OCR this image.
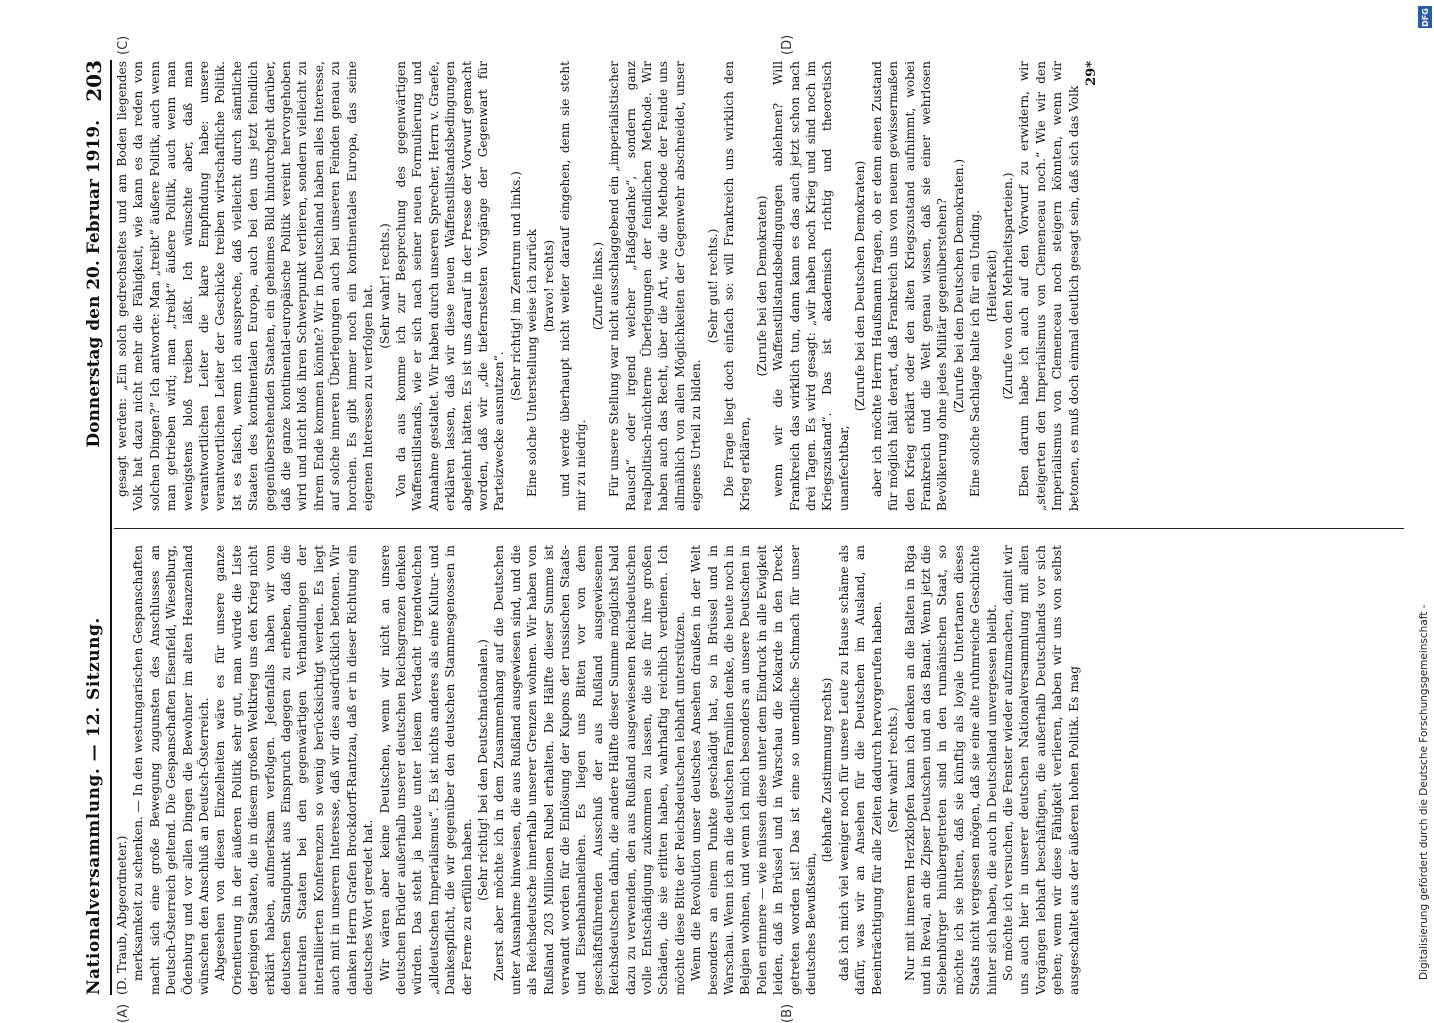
Nationalversammlung. — 12. Sitzung.
Donnerstag den 20. Februar 1919.
203

(D. Traub, Abgeordneter.) merksamkeit zu schenken. — In den westungarischen Gespanschaften macht sich eine große Bewegung zugunsten des Anschlusses an Deutsch-Österreich geltend. Die Gespanschaften Eisenfeld, Wieselburg, Ödenburg und vor allen Dingen die Bewohner im alten Heanzenland wünschen den Anschluß an Deutsch-Österreich. Abgesehen von diesen Einzelheiten wäre es für unsere ganze Orientierung in der äußeren Politik sehr gut, man würde die Liste derjenigen Staaten, die in diesem großen Weltkrieg uns den Krieg nicht erklärt haben, aufmerksam verfolgen. Jedenfalls haben wir vom deutschen Standpunkt aus Einspruch dagegen zu erheben, daß die neutralen Staaten bei den gegenwärtigen Verhandlungen der interalliierten Konferenzen so wenig berücksichtigt werden. Es liegt auch mit in unserem Interesse, daß wir dies ausdrücklich betonen. Wir danken Herrn Grafen Brockdorff-Rantzau, daß er in dieser Richtung ein deutsches Wort geredet hat. Wir wären aber keine Deutschen, wenn wir nicht an unsere deutschen Brüder außerhalb unserer deutschen Reichsgrenzen denken würden. Das steht ja heute unter leisem Verdacht irgendwelchen „alldeutschen Imperialismus“. Es ist nichts anderes als eine Kultur- und Dankespflicht, die wir gegenüber den deutschen Stammesgenossen in der Ferne zu erfüllen haben.

(Sehr richtig! bei den Deutschnationalen.) Zuerst aber möchte ich in dem Zusammenhang auf die Deutschen unter Ausnahme hinweisen, die aus Rußland ausgewiesen sind, und die als Reichsdeutsche innerhalb unserer Grenzen wohnen. Wir haben von Rußland 203 Millionen Rubel erhalten. Die Hälfte dieser Summe ist verwandt worden für die Einlösung der Kupons der russischen Staats- und Eisenbahnanleihen. Es liegen uns Bitten vor von dem geschäftsführenden Ausschuß der aus Rußland ausgewiesenen Reichsdeutschen dahin, die andere Hälfte dieser Summe möglichst bald dazu zu verwenden, den aus Rußland ausgewiesenen Reichsdeutschen volle Entschädigung zukommen zu lassen, die sie für ihre großen Schäden, die sie erlitten haben, wahrhaftig reichlich verdienen. Ich möchte diese Bitte der Reichsdeutschen lebhaft unterstützen. Wenn die Revolution unser deutsches Ansehen draußen in der Welt besonders an einem Punkte geschädigt hat, so in Brüssel und in Warschau. Wenn ich an die deutschen Familien denke, die heute noch in Belgien wohnen, und wenn ich mich besonders an unsere Deutschen in Polen erinnere — wie müssen diese unter dem Eindruck in alle Ewigkeit leiden, daß in Brüssel und in Warschau die Kokarde in den Dreck getreten worden ist! Das ist eine so unendliche Schmach für unser deutsches Bewußtsein,

(lebhafte Zustimmung rechts) daß ich mich viel weniger noch für unsere Leute zu Hause schäme als dafür, was wir an Ansehen für die Deutschen im Ausland, an Beeinträchtigung für alle Zeiten dadurch hervorgerufen haben. (Sehr wahr! rechts.) Nur mit innerem Herzklopfen kann ich denken an die Balten in Riga und in Reval, an die Zipser Deutschen und an das Banat. Wenn jetzt die Siebenbürger hinübergetreten sind in den rumänischen Staat, so möchte ich sie bitten, daß sie künftig als loyale Untertanen dieses Staats nicht vergessen mögen, daß sie eine alte ruhmreiche Geschichte hinter sich haben, die auch in Deutschland unvergessen bleibt. So möchte ich versuchen, die Fenster wieder aufzumachen, damit wir uns auch hier in unserer deutschen Nationalversammlung mit allen Vorgängen lebhaft beschäftigen, die außerhalb Deutschlands vor sich gehen; wenn wir diese Fähigkeit verlieren, haben wir uns von selbst ausgeschaltet aus der äußeren hohen Politik. Es mag

gesagt werden: „Ein solch gedrechseltes und am Boden liegendes Volk hat dazu nicht mehr die Fähigkeit, wie kann es da reden von solchen Dingen?“ Ich antworte: Man „treibt“ äußere Politik, auch wenn man getrieben wird; man „treibt“ äußere Politik, auch wenn man wenigstens bloß treiben läßt. Ich wünschte aber, daß man verantwortlichen Leiter die klare Empfindung habe: unsere verantwortlichen Leiter der Geschicke treiben wirtschaftliche Politik. Ist es falsch, wenn ich ausspreche, daß vielleicht durch sämtliche Staaten des kontinentalen Europa, auch bei den uns jetzt feindlich gegenüberstehenden Staaten, ein geheimes Bild hindurchgeht darüber, daß die ganze kontinental-europäische Politik vereint hervorgehoben wird und nicht bloß ihren Schwerpunkt verlieren, sondern vielleicht zu ihrem Ende kommen könnte? Wir in Deutschland haben alles Interesse, auf solche inneren Überlegungen auch bei unseren Feinden genau zu horchen. Es gibt immer noch ein kontinentales Europa, das seine eigenen Interessen zu verfolgen hat. (Sehr wahr! rechts.) Von da aus komme ich zur Besprechung des gegenwärtigen Waffenstillstands, wie er sich nach seiner neuen Formulierung und Annahme gestaltet. Wir haben durch unseren Sprecher, Herrn v. Graefe, erklären lassen, daß wir diese neuen Waffenstillstandsbedingungen abgelehnt hätten. Es ist uns darauf in der Presse der Vorwurf gemacht worden, daß wir „die tiefernstesten Vorgänge der Gegenwart für Parteizwecke ausnutzen“.

(Sehr richtig! im Zentrum und links.) Eine solche Unterstellung weise ich zurück (bravo! rechts) und werde überhaupt nicht weiter darauf eingehen, denn sie steht mir zu niedrig.

(Zurufe links.) Für unsere Stellung war nicht ausschlaggebend ein „imperialistischer Rausch“ oder irgend welcher „Haßgedanke“, sondern ganz realpolitisch-nüchterne Überlegungen der feindlichen Methode. Wir haben auch das Recht, über die Art, wie die Methode der Feinde uns allmählich von allen Möglichkeiten der Gegenwehr abschneidet, unser eigenes Urteil zu bilden.

(Sehr gut! rechts.) Die Frage liegt doch einfach so: will Frankreich uns wirklich den Krieg erklären,

(Zurufe bei den Demokraten) wenn wir die Waffenstillstandsbedingungen ablehnen? Will Frankreich das wirklich tun, dann kann es das auch jetzt schon nach drei Tagen. Es wird gesagt: „wir haben noch Krieg und sind noch im Kriegszustand“. Das ist akademisch richtig und theoretisch unanfechtbar,

(Zurufe bei den Deutschen Demokraten) aber ich möchte Herrn Haußmann fragen, ob er denn einen Zustand für möglich hält derart, daß Frankreich uns von neuem gewissermaßen den Krieg erklärt oder den alten Kriegszustand aufnimmt, wobei Frankreich und die Welt genau wissen, daß sie einer wehrlosen Bevölkerung ohne jedes Militär gegenüberstehen? (Zurufe bei den Deutschen Demokraten.) Eine solche Sachlage halte ich für ein Unding. (Heiterkeit) (Zurufe von den Mehrheitsparteien.) Eben darum habe ich auch auf den Vorwurf zu erwidern, wir „steigerten den Imperialismus von Clemenceau noch.“ Wie wir den Imperialismus von Clemenceau noch steigern könnten, wenn wir betonen, es muß doch einmal deutlich gesagt sein, daß sich das Volk

29*
(A)	(B)
(C)	(D)
DFG
Digitalisierung gefördert durch die Deutsche Forschungsgemeinschaft -
